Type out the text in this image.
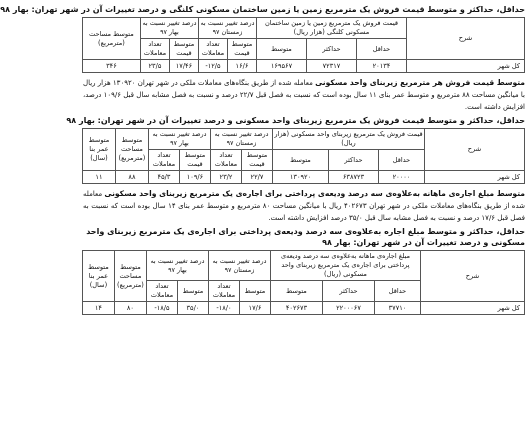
حداقل، حداکثر و متوسط قیمت فروش یک مترمربع زمین یا زمین ساختمان مسکونی کلنگی و درصد تغییرات آن در شهر تهران: بهار ۹۸
شرح	قیمت فروش یک مترمربع زمین یا زمین ساختمان مسکونی کلنگی (هزار ریال)			درصد تغییر نسبت به زمستان ۹۷		درصد تغییر نسبت به بهار ۹۷		متوسط مساحت (مترمربع)
	حداقل	حداکثر	متوسط	متوسط قیمت	تعداد معاملات	متوسط قیمت	تعداد معاملات	
کل شهر	۲۰۱۳۴	۷۲۳۱۷	۱۶۹۵۶۷	۱۶/۶	۱۲/۵-	۱۷/۴۶	۲۳/۵	۳۴۶

متوسط قیمت فروش هر مترمربع زیربنای واحد مسکونی معامله شده از طریق بنگاه‌های معاملات ملکی در شهر تهران ۱۳۰۹۲۰ هزار ریال با میانگین مساحت ۸۸ مترمربع و متوسط عمر بنای ۱۱ سال بوده است که نسبت به فصل قبل ۲۲/۷ درصد و نسبت به فصل مشابه سال قبل ۱۰۹/۶ درصد، افزایش داشته است.

حداقل، حداکثر و متوسط قیمت فروش یک مترمربع زیربنای واحد مسکونی و درصد تغییرات آن در شهر تهران: بهار ۹۸
شرح	قیمت فروش یک مترمربع زیربنای واحد مسکونی (هزار ریال)			درصد تغییر نسبت به زمستان ۹۷		درصد تغییر نسبت به بهار ۹۷		متوسط مساحت (مترمربع)	متوسط عمر بنا (سال)
	حداقل	حداکثر	متوسط	متوسط قیمت	تعداد معاملات	متوسط قیمت	تعداد معاملات		
کل شهر	۲۰۰۰۰	۶۳۸۷۲۳	۱۳۰۹۲۰	۲۲/۷	۲۳/۲	۱۰۹/۶	۴۵/۳	۸۸	۱۱

متوسط مبلغ اجاره‌ی ماهانه به‌علاوه‌ی سه درصد ودیعه‌ی پرداختی برای اجاره‌ی یک مترمربع زیربنای واحد مسکونی معامله شده از طریق بنگاه‌های معاملات ملکی در شهر تهران ۴۰۲۶۷۳ ریال با میانگین مساحت ۸۰ مترمربع و متوسط عمر بنای ۱۴ سال بوده است که نسبت به فصل قبل ۱۷/۶ درصد و نسبت به فصل مشابه سال قبل ۳۵/۰ درصد افزایش داشته است.

حداقل، حداکثر و متوسط مبلغ اجاره به‌علاوه‌ی سه درصد ودیعه‌ی پرداختی برای اجاره‌ی یک مترمربع زیربنای واحد مسکونی و درصد تغییرات آن در شهر تهران: بهار ۹۸
شرح	مبلغ اجاره‌ی ماهانه به‌علاوه‌ی سه درصد ودیعه‌ی پرداختی برای اجاره‌ی یک مترمربع زیربنای واحد مسکونی (ریال)			درصد تغییر نسبت به زمستان ۹۷		درصد تغییر نسبت به بهار ۹۷		متوسط مساحت (مترمربع)	متوسط عمر بنا (سال)
	حداقل	حداکثر	متوسط	متوسط	تعداد معاملات	متوسط	تعداد معاملات		
کل شهر	۳۷۷۱۰	۲۲۰۰۰۶۷	۴۰۲۶۷۳	۱۷/۶	۱۸/۰-	۳۵/۰	۱۸/۵-	۸۰	۱۴
